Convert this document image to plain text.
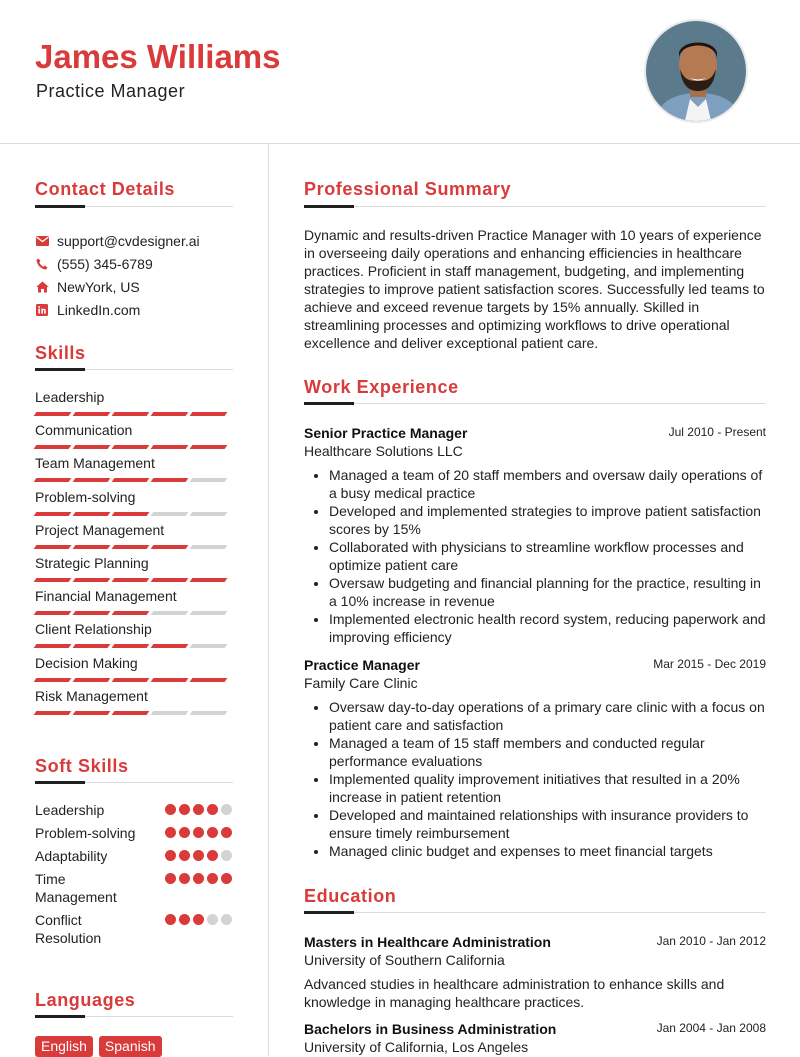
James Williams

Practice Manager

Contact Details
support@cvdesigner.ai
(555) 345-6789
NewYork, US
LinkedIn.com
Skills
Leadership
Communication
Team Management
Problem-solving
Project Management
Strategic Planning
Financial Management
Client Relationship
Decision Making
Risk Management
Soft Skills
Leadership
Problem-solving
Adaptability
Time
Management
Conflict
Resolution
Languages
English	Spanish
Professional Summary

Dynamic and results-driven Practice Manager with 10 years of experience in overseeing daily operations and enhancing efficiencies in healthcare practices. Proficient in staff management, budgeting, and implementing strategies to improve patient satisfaction scores. Successfully led teams to achieve and exceed revenue targets by 15% annually. Skilled in streamlining processes and optimizing workflows to drive operational excellence and deliver exceptional patient care.

Work Experience
Senior Practice Manager	Jul 2010 - Present
Healthcare Solutions LLC
• Managed a team of 20 staff members and oversaw daily operations of a busy medical practice
• Developed and implemented strategies to improve patient satisfaction scores by 15%
• Collaborated with physicians to streamline workflow processes and optimize patient care
• Oversaw budgeting and financial planning for the practice, resulting in a 10% increase in revenue
• Implemented electronic health record system, reducing paperwork and improving efficiency
Practice Manager	Mar 2015 - Dec 2019
Family Care Clinic
• Oversaw day-to-day operations of a primary care clinic with a focus on patient care and satisfaction
• Managed a team of 15 staff members and conducted regular performance evaluations
• Implemented quality improvement initiatives that resulted in a 20% increase in patient retention
• Developed and maintained relationships with insurance providers to ensure timely reimbursement
• Managed clinic budget and expenses to meet financial targets
Education
Masters in Healthcare Administration	Jan 2010 - Jan 2012
University of Southern California
Advanced studies in healthcare administration to enhance skills and knowledge in managing healthcare practices.
Bachelors in Business Administration	Jan 2004 - Jan 2008
University of California, Los Angeles
